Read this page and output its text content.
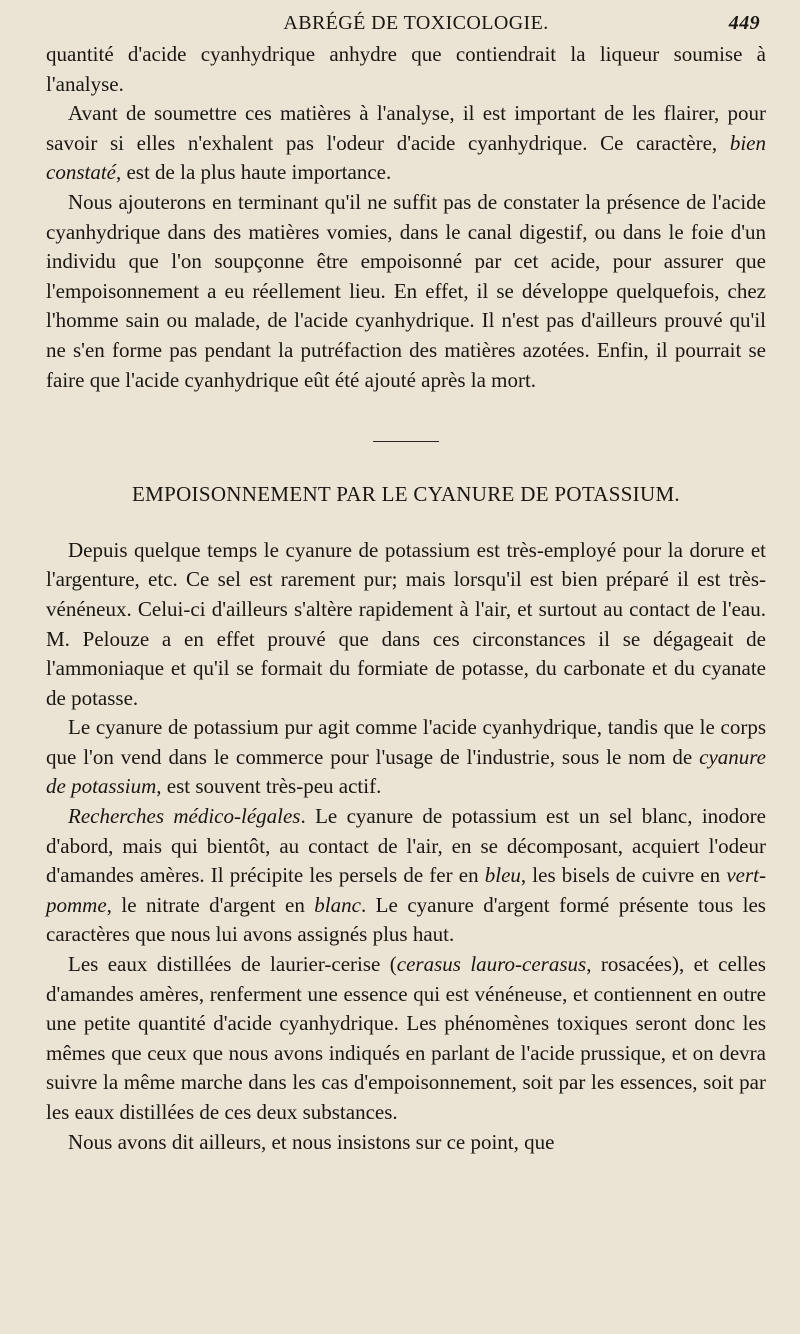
ABRÉGÉ DE TOXICOLOGIE.	449

quantité d'acide cyanhydrique anhydre que contiendrait la liqueur soumise à l'analyse.

Avant de soumettre ces matières à l'analyse, il est important de les flairer, pour savoir si elles n'exhalent pas l'odeur d'acide cyanhydrique. Ce caractère, bien constaté, est de la plus haute importance.

Nous ajouterons en terminant qu'il ne suffit pas de constater la présence de l'acide cyanhydrique dans des matières vomies, dans le canal digestif, ou dans le foie d'un individu que l'on soupçonne être empoisonné par cet acide, pour assurer que l'empoisonnement a eu réellement lieu. En effet, il se développe quelquefois, chez l'homme sain ou malade, de l'acide cyanhydrique. Il n'est pas d'ailleurs prouvé qu'il ne s'en forme pas pendant la putréfaction des matières azotées. Enfin, il pourrait se faire que l'acide cyanhydrique eût été ajouté après la mort.

EMPOISONNEMENT PAR LE CYANURE DE POTASSIUM.

Depuis quelque temps le cyanure de potassium est très-employé pour la dorure et l'argenture, etc. Ce sel est rarement pur; mais lorsqu'il est bien préparé il est très-vénéneux. Celui-ci d'ailleurs s'altère rapidement à l'air, et surtout au contact de l'eau. M. Pelouze a en effet prouvé que dans ces circonstances il se dégageait de l'ammoniaque et qu'il se formait du formiate de potasse, du carbonate et du cyanate de potasse.

Le cyanure de potassium pur agit comme l'acide cyanhydrique, tandis que le corps que l'on vend dans le commerce pour l'usage de l'industrie, sous le nom de cyanure de potassium, est souvent très-peu actif.

Recherches médico-légales. Le cyanure de potassium est un sel blanc, inodore d'abord, mais qui bientôt, au contact de l'air, en se décomposant, acquiert l'odeur d'amandes amères. Il précipite les persels de fer en bleu, les bisels de cuivre en vert-pomme, le nitrate d'argent en blanc. Le cyanure d'argent formé présente tous les caractères que nous lui avons assignés plus haut.

Les eaux distillées de laurier-cerise (cerasus lauro-cerasus, rosacées), et celles d'amandes amères, renferment une essence qui est vénéneuse, et contiennent en outre une petite quantité d'acide cyanhydrique. Les phénomènes toxiques seront donc les mêmes que ceux que nous avons indiqués en parlant de l'acide prussique, et on devra suivre la même marche dans les cas d'empoisonnement, soit par les essences, soit par les eaux distillées de ces deux substances.

Nous avons dit ailleurs, et nous insistons sur ce point, que
